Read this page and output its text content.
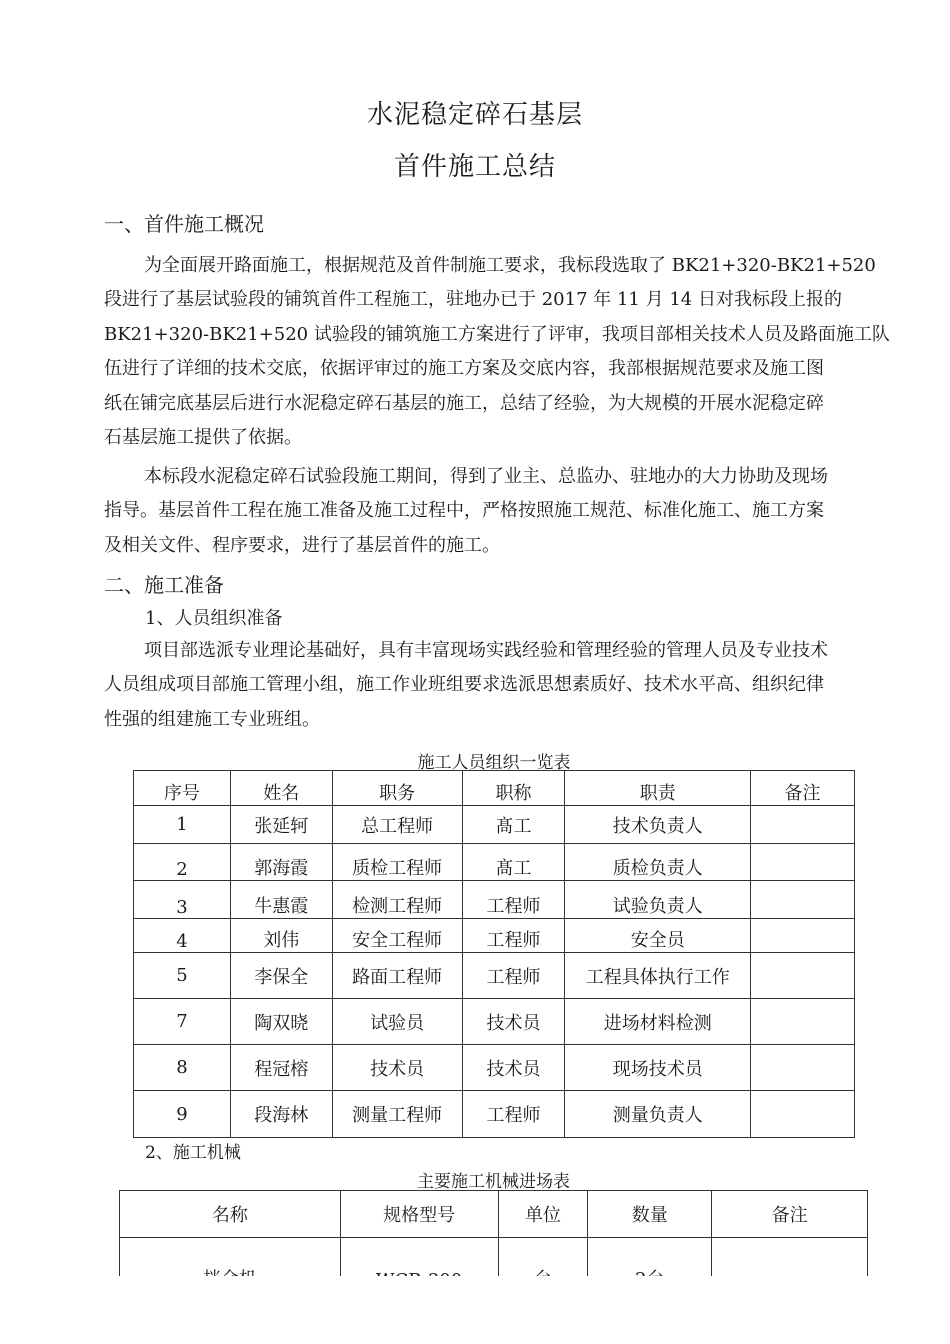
水泥稳定碎石基层
首件施工总结
一、首件施工概况

为全面展开路面施工，根据规范及首件制施工要求，我标段选取了 BK21+320-BK21+520
段进行了基层试验段的铺筑首件工程施工，驻地办已于 2017 年 11 月 14 日对我标段上报的
BK21+320-BK21+520 试验段的铺筑施工方案进行了评审，我项目部相关技术人员及路面施工队
伍进行了详细的技术交底，依据评审过的施工方案及交底内容，我部根据规范要求及施工图
纸在铺完底基层后进行水泥稳定碎石基层的施工，总结了经验，为大规模的开展水泥稳定碎
石基层施工提供了依据。

本标段水泥稳定碎石试验段施工期间，得到了业主、总监办、驻地办的大力协助及现场
指导。基层首件工程在施工准备及施工过程中，严格按照施工规范、标准化施工、施工方案
及相关文件、程序要求，进行了基层首件的施工。

二、施工准备
1、人员组织准备

项目部选派专业理论基础好，具有丰富现场实践经验和管理经验的管理人员及专业技术
人员组成项目部施工管理小组，施工作业班组要求选派思想素质好、技术水平高、组织纪律
性强的组建施工专业班组。

施工人员组织一览表
序号	姓名	职务	职称	职责	备注
1	张延轲	总工程师	髙工	技术负责人	
2	郭海霞	质检工程师	髙工	质检负责人	
3	牛惠霞	检测工程师	工程师	试验负责人	
4	刘伟	安全工程师	工程师	安全员	
5	李保全	路面工程师	工程师	工程具体执行工作	
7	陶双晓	试验员	技术员	进场材料检测	
8	程冠榕	技术员	技术员	现场技术员	
9	段海林	测量工程师	工程师	测量负责人	
2、施工机械
主要施工机械进场表
名称	规格型号	单位	数量	备注
